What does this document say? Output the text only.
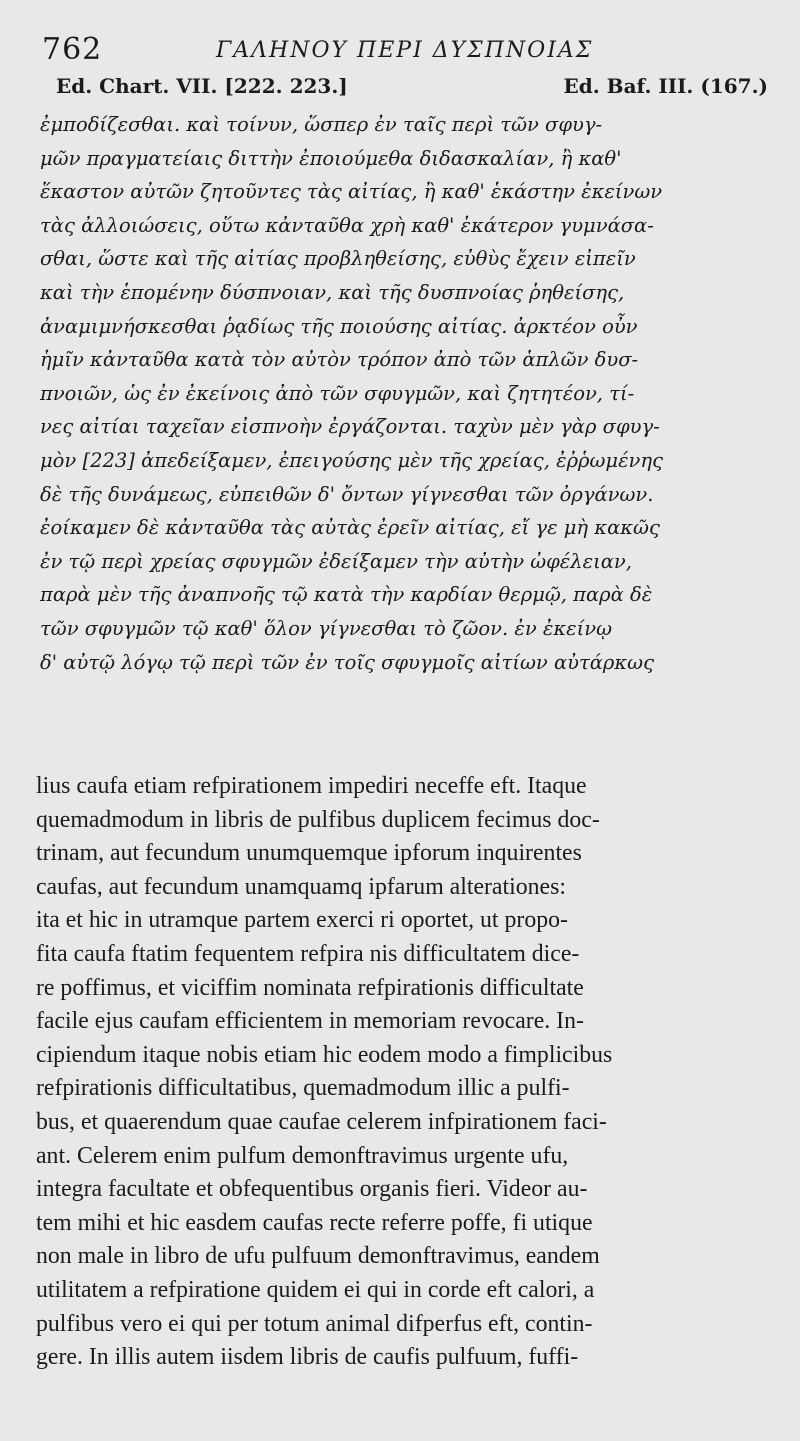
762	ΓΑΛΗΝΟΥ ΠΕΡΙ ΔΥΣΠΝΟΙΑΣ
Ed. Chart. VII. [222. 223.]	Ed. Baf. III. (167.)
ἐμποδίζεσθαι. καὶ τοίνυν, ὥσπερ ἐν ταῖς περὶ τῶν σφυγ-
μῶν πραγματείαις διττὴν ἐποιούμεθα διδασκαλίαν, ἢ καθ'
ἕκαστον αὐτῶν ζητοῦντες τὰς αἰτίας, ἢ καθ' ἑκάστην ἐκείνων
τὰς ἀλλοιώσεις, οὕτω κἀνταῦθα χρὴ καθ' ἑκάτερον γυμνάσα-
σθαι, ὥστε καὶ τῆς αἰτίας προβληθείσης, εὐθὺς ἔχειν εἰπεῖν
καὶ τὴν ἑπομένην δύσπνοιαν, καὶ τῆς δυσπνοίας ῥηθείσης,
ἀναμιμνήσκεσθαι ῥᾳδίως τῆς ποιούσης αἰτίας. ἀρκτέον οὖν
ἡμῖν κἀνταῦθα κατὰ τὸν αὐτὸν τρόπον ἀπὸ τῶν ἁπλῶν δυσ-
πνοιῶν, ὡς ἐν ἐκείνοις ἀπὸ τῶν σφυγμῶν, καὶ ζητητέον, τί-
νες αἰτίαι ταχεῖαν εἰσπνοὴν ἐργάζονται. ταχὺν μὲν γὰρ σφυγ-
μὸν [223] ἀπεδείξαμεν, ἐπειγούσης μὲν τῆς χρείας, ἐῤῥωμένης
δὲ τῆς δυνάμεως, εὐπειθῶν δ' ὄντων γίγνεσθαι τῶν ὀργάνων.
ἐοίκαμεν δὲ κἀνταῦθα τὰς αὐτὰς ἐρεῖν αἰτίας, εἴ γε μὴ κακῶς
ἐν τῷ περὶ χρείας σφυγμῶν ἐδείξαμεν τὴν αὐτὴν ὠφέλειαν,
παρὰ μὲν τῆς ἀναπνοῆς τῷ κατὰ τὴν καρδίαν θερμῷ, παρὰ δὲ
τῶν σφυγμῶν τῷ καθ' ὅλον γίγνεσθαι τὸ ζῶον. ἐν ἐκείνῳ
δ' αὐτῷ λόγῳ τῷ περὶ τῶν ἐν τοῖς σφυγμοῖς αἰτίων αὐτάρκως
lius caufa etiam refpirationem impediri neceffe eft. Itaque
quemadmodum in libris de pulfibus duplicem fecimus doc-
trinam, aut fecundum unumquemque ipforum inquirentes
caufas, aut fecundum unamquamq ipfarum alterationes:
ita et hic in utramque partem exerci ri oportet, ut propo-
fita caufa ftatim fequentem refpira nis difficultatem dice-
re poffimus, et viciffim nominata refpirationis difficultate
facile ejus caufam efficientem in memoriam revocare. In-
cipiendum itaque nobis etiam hic eodem modo a fimplicibus
refpirationis difficultatibus, quemadmodum illic a pulfi-
bus, et quaerendum quae caufae celerem infpirationem faci-
ant. Celerem enim pulfum demonftravimus urgente ufu,
integra facultate et obfequentibus organis fieri. Videor au-
tem mihi et hic easdem caufas recte referre poffe, fi utique
non male in libro de ufu pulfuum demonftravimus, eandem
utilitatem a refpiratione quidem ei qui in corde eft calori, a
pulfibus vero ei qui per totum animal difperfus eft, contin-
gere. In illis autem iisdem libris de caufis pulfuum, fuffi-
